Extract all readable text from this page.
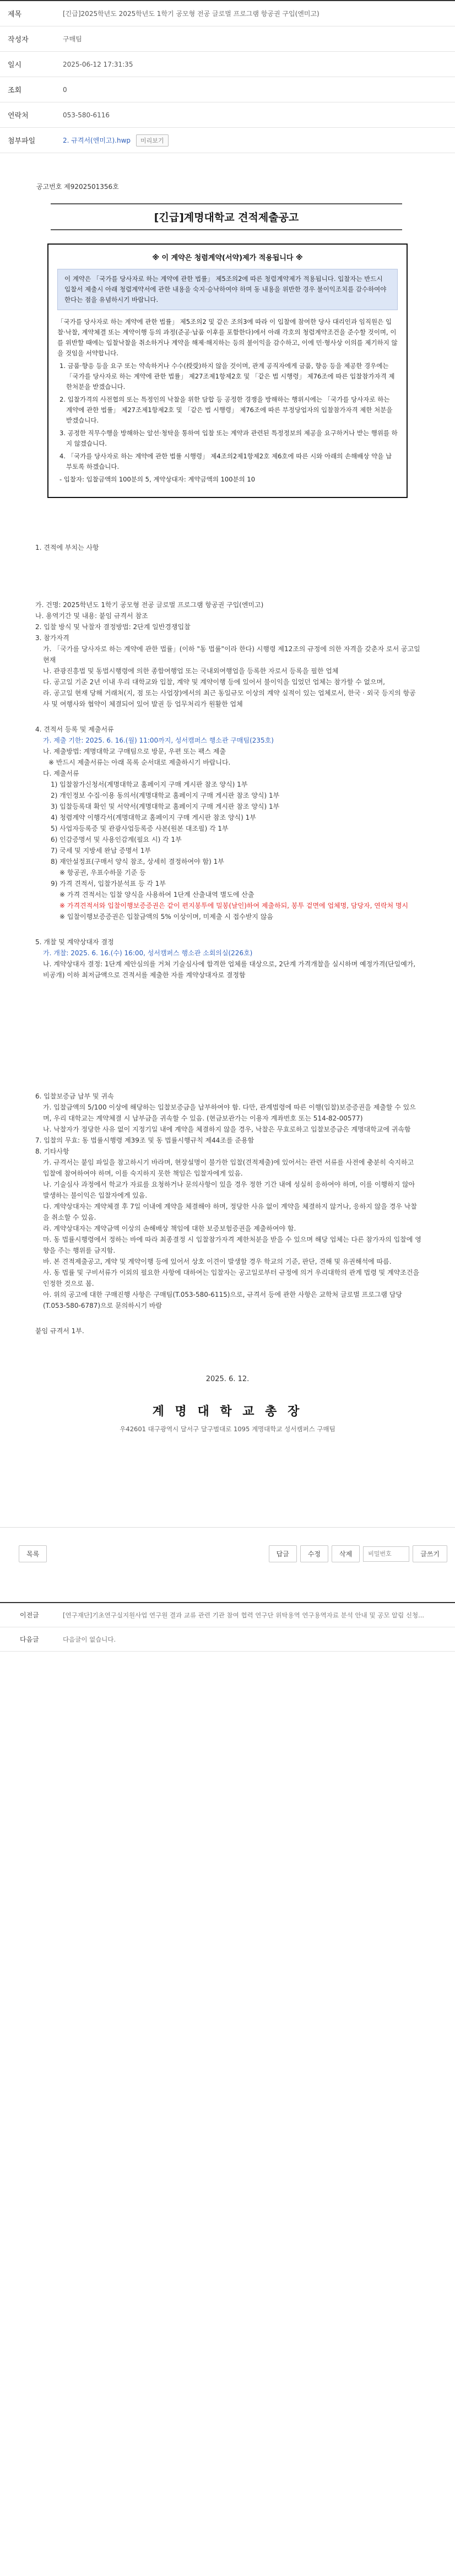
제목	[긴급]2025학년도 2025학년도 1학기 공모형 전공 글로벌 프로그램 항공권 구입(엔미고)
작성자	구매팀
일시	2025-06-12 17:31:35
조회	0
연락처	053-580-6116
첨부파일	2. 규격서(엔미고).hwp	미리보기
공고번호 제9202501356호
[긴급]계명대학교 견적제출공고
※ 이 계약은 청렴계약(서약)제가 적용됩니다 ※
이 계약은 「국가를 당사자로 하는 계약에 관한 법률」 제5조의2에 따른 청렴계약제가 적용됩니다. 입찰자는 반드시 입찰서 제출시 아래 청렴계약서에 관한 내용을 숙지·승낙하여야 하며 동 내용을 위반한 경우 불이익조치를 감수하여야 한다는 점을 유념하시기 바랍니다.

「국가를 당사자로 하는 계약에 관한 법률」 제5조의2 및 같은 조의3에 따라 이 입찰에 참여한 당사 대리인과 임직원은 입찰·낙찰, 계약체결 또는 계약이행 등의 과정(준공·납품 이후를 포함한다)에서 아래 각호의 청렴계약조건을 준수할 것이며, 이를 위반할 때에는 입찰낙찰을 취소하거나 계약을 해제·해지하는 등의 불이익을 감수하고, 이에 민·형사상 이의를 제기하지 않을 것임을 서약합니다.

1. 금품·향응 등을 요구 또는 약속하거나 수수(授受)하지 않을 것이며, 관계 공직자에게 금품, 향응 등을 제공한 경우에는 「국가를 당사자로 하는 계약에 관한 법률」 제27조제1항제2호 및 「같은 법 시행령」 제76조에 따른 입찰참가자격 제한처분을 받겠습니다.

2. 입찰가격의 사전협의 또는 특정인의 낙찰을 위한 담합 등 공정한 경쟁을 방해하는 행위시에는 「국가를 당사자로 하는 계약에 관한 법률」 제27조제1항제2호 및 「같은 법 시행령」 제76조에 따른 부정당업자의 입찰참가자격 제한 처분을 받겠습니다.

3. 공정한 직무수행을 방해하는 알선·청탁을 통하여 입찰 또는 계약과 관련된 특정정보의 제공을 요구하거나 받는 행위를 하지 않겠습니다.

4. 「국가를 당사자로 하는 계약에 관한 법률 시행령」 제4조의2제1항제2호 제6호에 따른 시와 아래의 손해배상 약을 납부토록 하겠습니다.

- 입찰자: 입찰금액의 100분의 5, 계약상대자: 계약금액의 100분의 10

1. 견적에 부치는 사항

가. 건명: 2025학년도 1학기 공모형 전공 글로벌 프로그램 항공권 구입(엔미고)

나. 용역기간 및 내용: 붙임 규격서 참조

2. 입찰 방식 및 낙찰자 결정방법: 2단계 일반경쟁입찰

3. 참가자격

가. 「국가를 당사자로 하는 계약에 관한 법률」(이하 "동 법률"이라 한다) 시행령 제12조의 규정에 의한 자격을 갖춘자 로서 공고일 현재

나. 관광진흥법 및 동법시행령에 의한 종합여행업 또는 국내외여행업을 등록한 자로서 등록을 필한 업체

다. 공고일 기준 2년 이내 우리 대학교와 입찰, 계약 및 계약이행 등에 있어서 불이익을 입었던 업체는 참가할 수 없으며,

라. 공고일 현재 당해 거래처(지, 점 또는 사업장)에서의 최근 동일규모 이상의 계약 실적이 있는 업체로서, 한국 · 외국 등지의 항공사 및 여행사와 협약이 체결되어 있어 발권 등 업무처리가 원활한 업체

4. 견적서 등록 및 제출서류

가. 제출 기한: 2025. 6. 16.(월) 11:00까지, 성서캠퍼스 행소관 구매팀(235호)

나. 제출방법: 계명대학교 구매팀으로 방문, 우편 또는 팩스 제출

※ 반드시 제출서류는 아래 목록 순서대로 제출하시기 바랍니다.

다. 제출서류

1) 입찰참가신청서(계명대학교 홈페이지 구매 게시판 참조 양식) 1부

2) 개인정보 수집·이용 동의서(계명대학교 홈페이지 구매 게시판 참조 양식) 1부

3) 입찰등록대 확인 및 서약서(계명대학교 홈페이지 구매 게시판 참조 양식) 1부

4) 청렴계약 이행각서(계명대학교 홈페이지 구매 게시판 참조 양식) 1부

5) 사업자등록증 및 관광사업등록증 사본(원본 대조필) 각 1부

6) 인감증명서 및 사용인감계(필요 시) 각 1부

7) 국세 및 지방세 완납 증명서 1부

8) 재안설정표(구매서 양식 참조, 상세히 결정하여야 함) 1부

※ 항공권, 우표수하물 기준 등

9) 가격 견적서, 입찰가분석표 등 각 1부

※ 가격 견적서는 입찰 양식을 사용하여 1단계 산출내역 별도에 산출

※ 가격견적서와 입찰이행보증증권은 같이 편지봉투에 밀봉(날인)하여 제출하되, 봉투 겉면에 업체명, 담당자, 연락처 명시

※ 입찰이행보증증권은 입찰금액의 5% 이상이며, 미제출 시 접수받지 않음

5. 개찰 및 계약상대자 결정

가. 개찰: 2025. 6. 16.(수) 16:00, 성서캠퍼스 행소관 소회의실(226호)

나. 계약상대자 결정: 1단계 제안심의를 거쳐 기술심사에 합격한 업체를 대상으로, 2단계 가격개찰을 실시하며 예정가격(단일예가, 비공개) 이하 최저금액으로 견적서를 제출한 자를 계약상대자로 결정함

6. 입찰보증금 납부 및 귀속

가. 입찰금액의 5/100 이상에 해당하는 입찰보증금을 납부하여야 함. 다만, 관계법령에 따른 이행(입찰)보증증권을 제출할 수 있으며, 우리 대학교는 계약체결 시 납부금을 귀속할 수 있음. (현금보관가는 이용자 계좌번호 또는 514-82-00577)

나. 낙찰자가 정당한 사유 없이 지정기일 내에 계약을 체결하지 않을 경우, 낙찰은 무효로하고 입찰보증금은 계명대학교에 귀속함

7. 입찰의 무효: 동 법률시행령 제39조 및 동 법률시행규칙 제44조를 준용함

8. 기타사항

가. 규격서는 붙임 파일을 참고하시기 바라며, 현장설명이 불가한 입찰(견적제출)에 있어서는 관련 서류를 사전에 충분히 숙지하고 입찰에 참여하여야 하며, 이를 숙지하지 못한 책임은 입찰자에게 있음.

나. 기술심사 과정에서 학교가 자료를 요청하거나 문의사항이 있을 경우 정한 기간 내에 성실히 응하여야 하며, 이를 이행하지 않아 발생하는 불이익은 입찰자에게 있음.

다. 계약상대자는 계약체결 후 7일 이내에 계약을 체결해야 하며, 정당한 사유 없이 계약을 체결하지 않거나, 응하지 않을 경우 낙찰을 취소할 수 있음.

라. 계약상대자는 계약금액 이상의 손해배상 책임에 대한 보증보험증권을 제출하여야 함.

마. 동 법률시행령에서 정하는 바에 따라 최종결정 시 입찰참가자격 제한처분을 받을 수 있으며 해당 업체는 다른 참가자의 입찰에 영향을 주는 행위를 금지함.

바. 본 견적제출공고, 계약 및 계약이행 등에 있어서 상호 이견이 발생할 경우 학교의 기준, 판단, 견해 및 유권해석에 따름.

사. 동 법률 및 구비서류가 이외의 필요한 사항에 대하여는 입찰자는 공고일로부터 규정에 의거 우리대학의 관계 법령 및 계약조건을 인정한 것으로 봄.

아. 위의 공고에 대한 구매진행 사항은 구매팀(T.053-580-6115)으로, 규격서 등에 관한 사항은 교학처 글로벌 프로그램 담당(T.053-580-6787)으로 문의하시기 바람

붙임 규격서 1부.

2025. 6. 12.
계 명 대 학 교 총 장
우42601 대구광역시 달서구 달구벌대로 1095 계명대학교 성서캠퍼스 구매팀
목록	답글	수정	삭제
비밀번호	글쓰기
이전글	[연구재단]기초연구실지원사업 연구원 결과 교류 관련 기관 참여 협력 연구단 위탁용역 연구용역자료 분석 안내 및 공모 알림 신청...
다음글	다음글이 없습니다.
